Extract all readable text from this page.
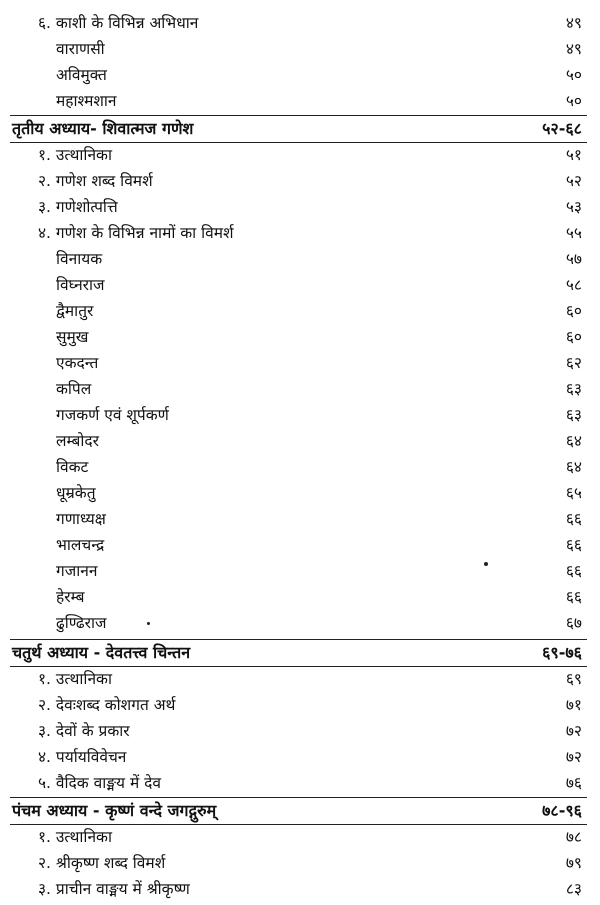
६. काशी के विभिन्न अभिधान	४९
वाराणसी	४९
अविमुक्त	५०
महाश्मशान	५०
तृतीय अध्याय- शिवात्मज गणेश	५२-६८
१. उत्थानिका	५१
२. गणेश शब्द विमर्श	५२
३. गणेशोत्पत्ति	५३
४. गणेश के विभिन्न नामों का विमर्श	५५
विनायक	५७
विघ्नराज	५८
द्वैमातुर	६०
सुमुख	६०
एकदन्त	६२
कपिल	६३
गजकर्ण एवं शूर्पकर्ण	६३
लम्बोदर	६४
विकट	६४
धूम्रकेतु	६५
गणाध्यक्ष	६६
भालचन्द्र	६६
गजानन	६६
हेरम्ब	६६
ढुण्ढिराज	६७
चतुर्थ अध्याय - देवतत्त्व चिन्तन	६९-७६
१. उत्थानिका	६९
२. देवःशब्द कोशगत अर्थ	७१
३. देवों के प्रकार	७२
४. पर्यायविवेचन	७२
५. वैदिक वाङ्मय में देव	७६
पंचम अध्याय - कृष्णं वन्दे जगद्गुरुम्	७८-९६
१. उत्थानिका	७८
२. श्रीकृष्ण शब्द विमर्श	७९
३. प्राचीन वाङ्मय में श्रीकृष्ण	८३
